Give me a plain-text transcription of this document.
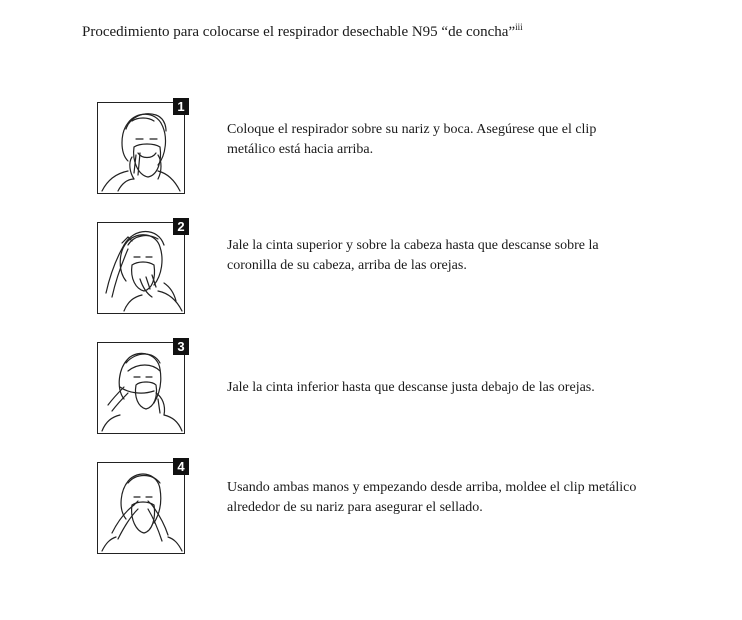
Procedimiento para colocarse el respirador desechable N95 “de concha”$^{iii}$
1
Coloque el respirador sobre su nariz y boca. Asegúrese que el clip metálico está hacia arriba.
2
Jale la cinta superior y sobre la cabeza hasta que descanse sobre la coronilla de su cabeza, arriba de las orejas.
3
Jale la cinta inferior hasta que descanse justa debajo de las orejas.
4
Usando ambas manos y empezando desde arriba, moldee el clip metálico alrededor de su nariz para asegurar el sellado.
